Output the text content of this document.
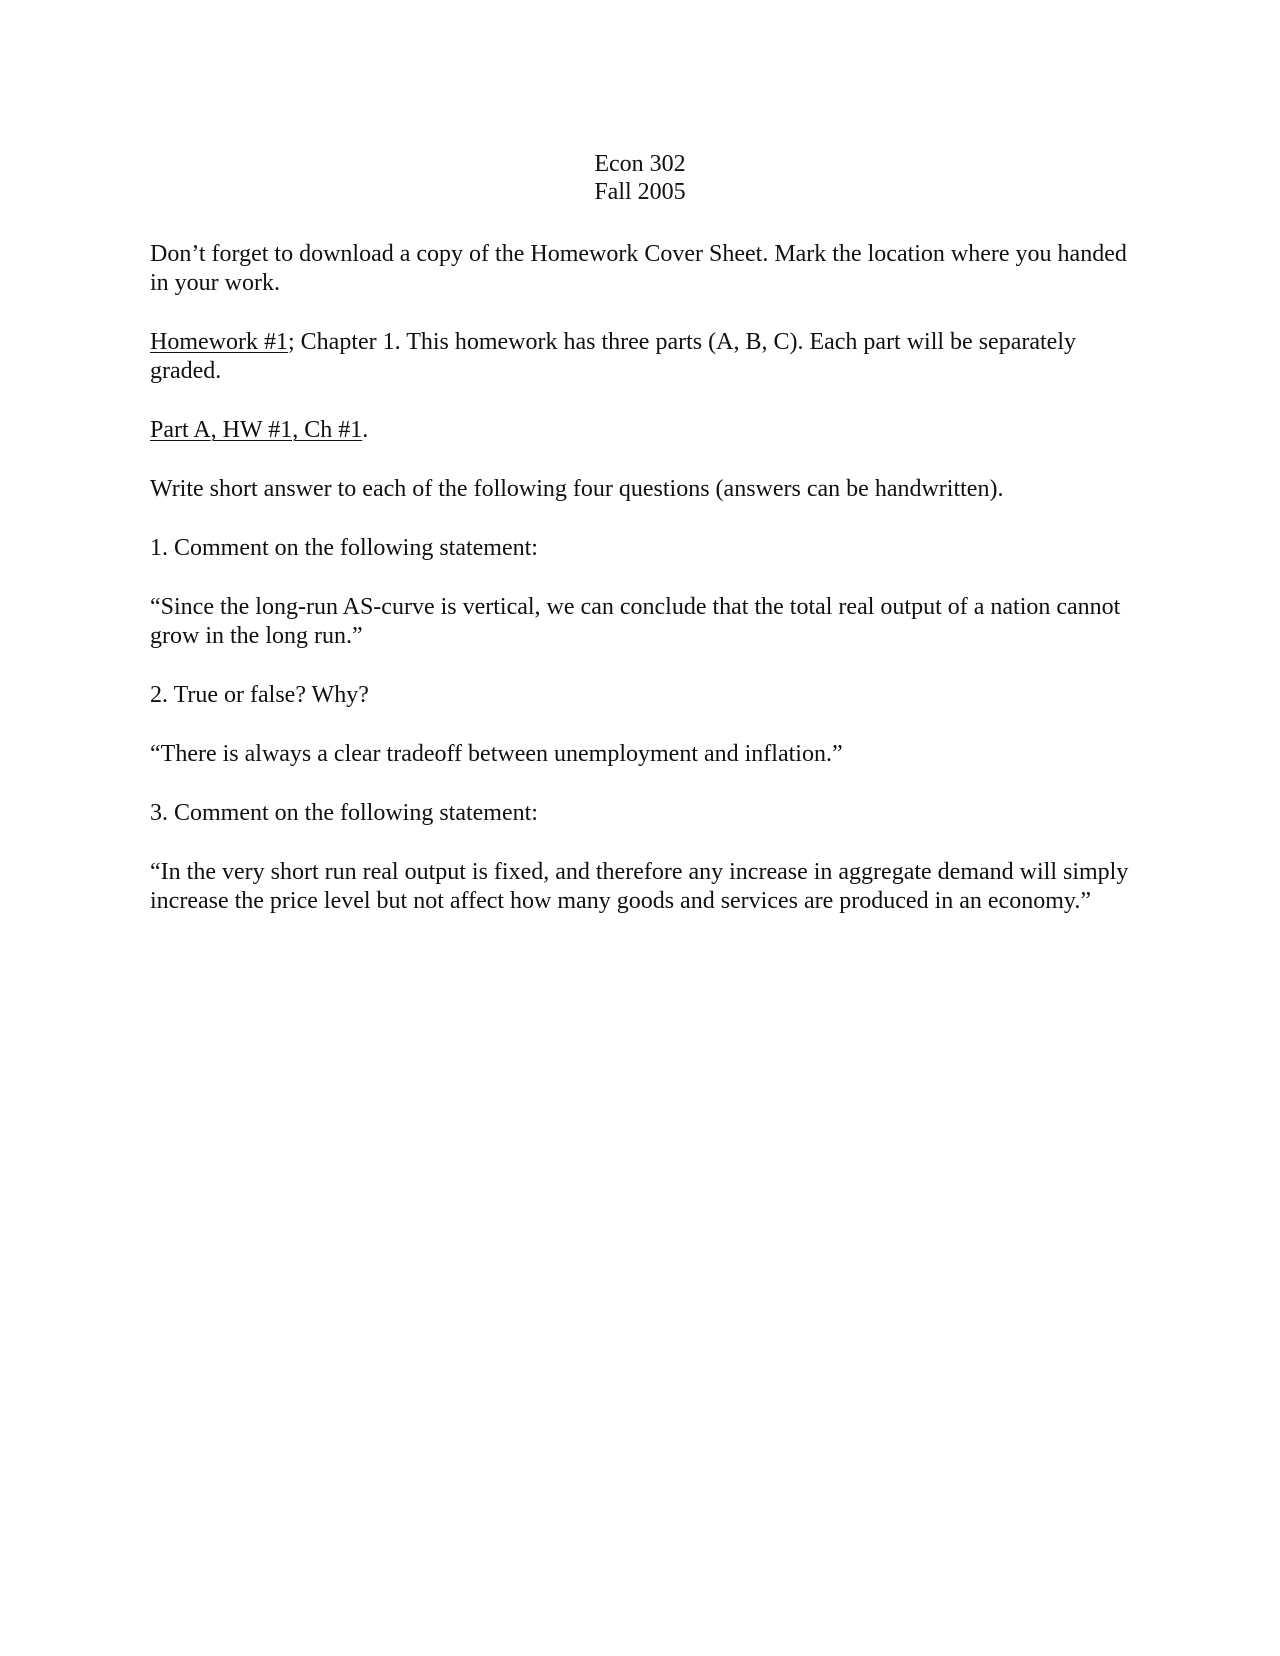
Econ 302
Fall 2005

Don’t forget to download a copy of the Homework Cover Sheet. Mark the location where you handed in your work.

Homework #1; Chapter 1. This homework has three parts (A, B, C). Each part will be separately graded.

Part A, HW #1, Ch #1.

Write short answer to each of the following four questions (answers can be handwritten).

1. Comment on the following statement:

“Since the long-run AS-curve is vertical, we can conclude that the total real output of a nation cannot grow in the long run.”

2. True or false? Why?

“There is always a clear tradeoff between unemployment and inflation.”

3. Comment on the following statement:

“In the very short run real output is fixed, and therefore any increase in aggregate demand will simply increase the price level but not affect how many goods and services are produced in an economy.”
